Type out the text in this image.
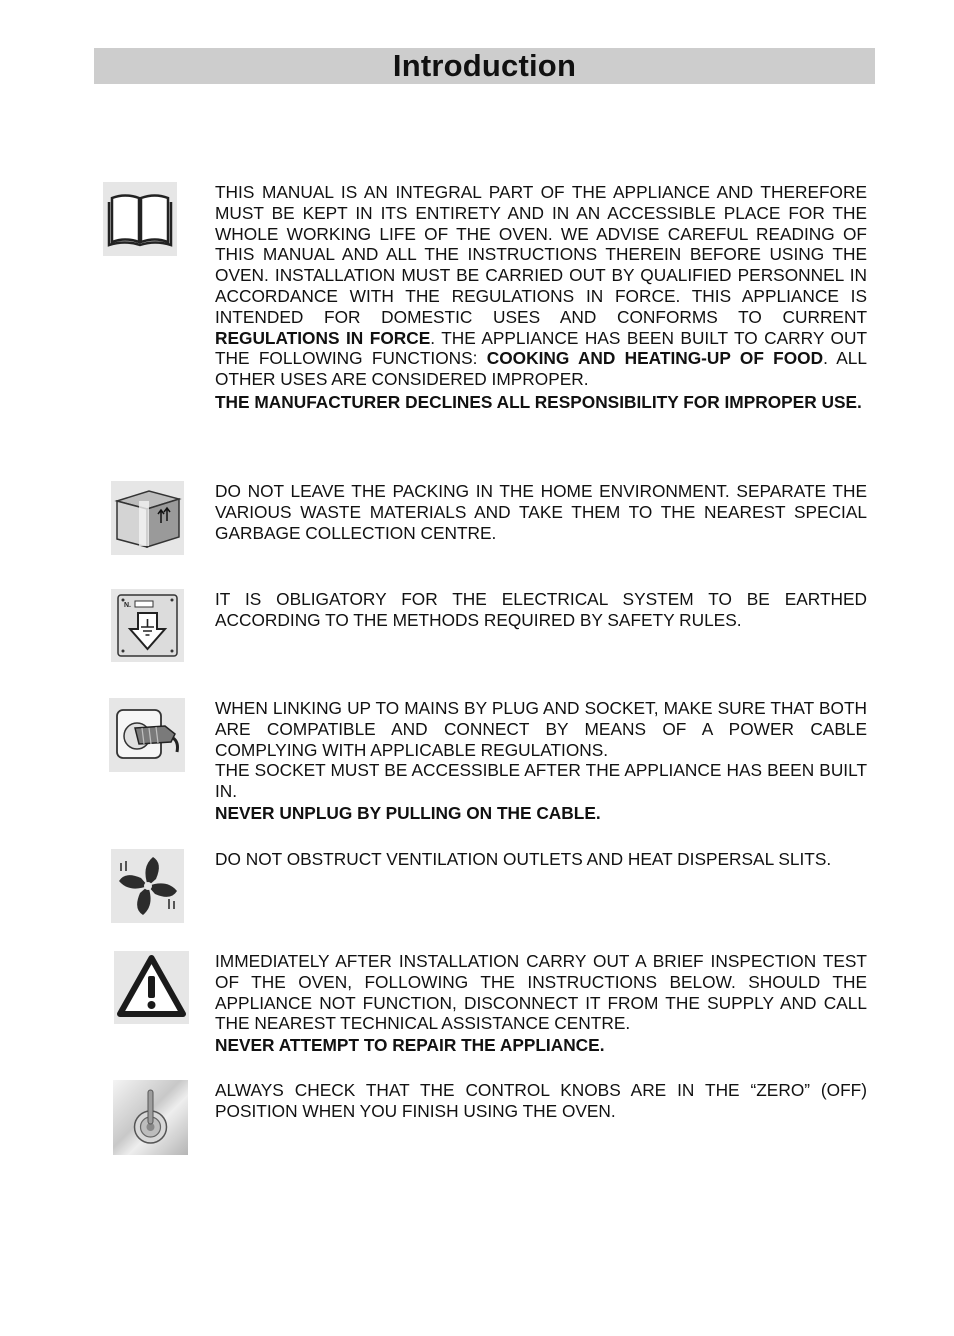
Introduction

THIS MANUAL IS AN INTEGRAL PART OF THE APPLIANCE AND THEREFORE MUST BE KEPT IN ITS ENTIRETY AND IN AN ACCESSIBLE PLACE FOR THE WHOLE WORKING LIFE OF THE OVEN. WE ADVISE CAREFUL READING OF THIS MANUAL AND ALL THE INSTRUCTIONS THEREIN BEFORE USING THE OVEN. INSTALLATION MUST BE CARRIED OUT BY QUALIFIED PERSONNEL IN ACCORDANCE WITH THE REGULATIONS IN FORCE. THIS APPLIANCE IS INTENDED FOR DOMESTIC USES AND CONFORMS TO CURRENT REGULATIONS IN FORCE. THE APPLIANCE HAS BEEN BUILT TO CARRY OUT THE FOLLOWING FUNCTIONS: COOKING AND HEATING-UP OF FOOD. ALL OTHER USES ARE CONSIDERED IMPROPER.

THE MANUFACTURER DECLINES ALL RESPONSIBILITY FOR IMPROPER USE.

DO NOT LEAVE THE PACKING IN THE HOME ENVIRONMENT. SEPARATE THE VARIOUS WASTE MATERIALS AND TAKE THEM TO THE NEAREST SPECIAL GARBAGE COLLECTION CENTRE.
N.	IT IS OBLIGATORY FOR THE ELECTRICAL SYSTEM TO BE EARTHED ACCORDING TO THE METHODS REQUIRED BY SAFETY RULES.

WHEN LINKING UP TO MAINS BY PLUG AND SOCKET, MAKE SURE THAT BOTH ARE COMPATIBLE AND CONNECT BY MEANS OF A POWER CABLE COMPLYING WITH APPLICABLE REGULATIONS.

THE SOCKET MUST BE ACCESSIBLE AFTER THE APPLIANCE HAS BEEN BUILT IN.

NEVER UNPLUG BY PULLING ON THE CABLE.

DO NOT OBSTRUCT VENTILATION OUTLETS AND HEAT DISPERSAL SLITS.

IMMEDIATELY AFTER INSTALLATION CARRY OUT A BRIEF INSPECTION TEST OF THE OVEN, FOLLOWING THE INSTRUCTIONS BELOW. SHOULD THE APPLIANCE NOT FUNCTION, DISCONNECT IT FROM THE SUPPLY AND CALL THE NEAREST TECHNICAL ASSISTANCE CENTRE.

NEVER ATTEMPT TO REPAIR THE APPLIANCE.

ALWAYS CHECK THAT THE CONTROL KNOBS ARE IN THE “ZERO” (OFF) POSITION WHEN YOU FINISH USING THE OVEN.
